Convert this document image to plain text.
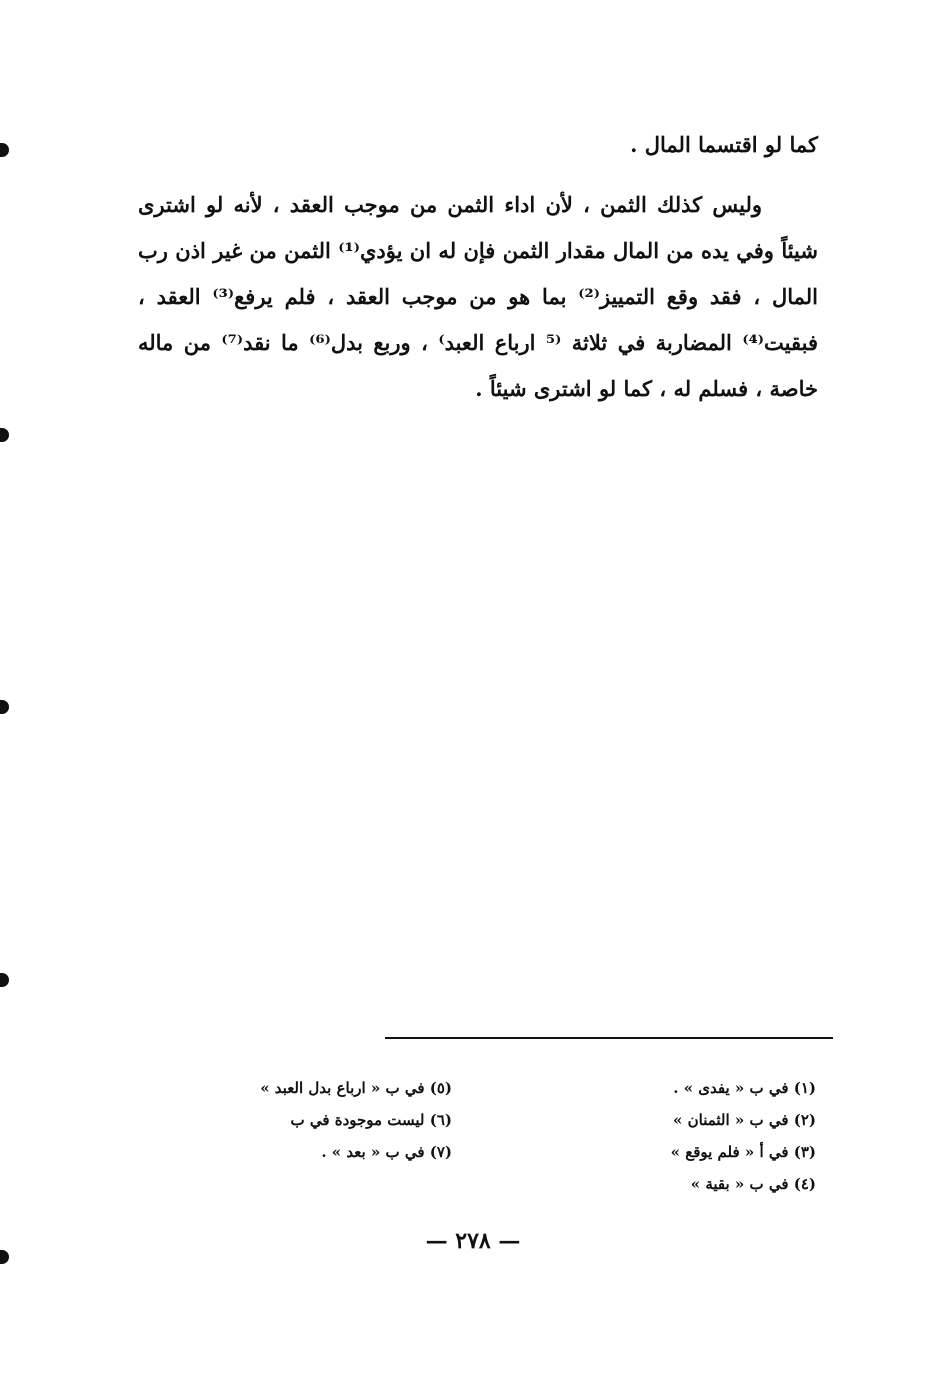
كما لو اقتسما المال .
وليس كذلك الثمن ، لأن اداء الثمن من موجب العقد ، لأنه لو اشترى شيئاً وفي يده من المال مقدار الثمن فإن له ان يؤدي⁽¹⁾ الثمن من غير اذن رب المال ، فقد وقع التمييز⁽²⁾ بما هو من موجب العقد ، فلم يرفع⁽³⁾ العقد ، فبقيت⁽⁴⁾ المضاربة في ثلاثة ⁽⁵ ارباع العبد⁾ ، وربع بدل⁽⁶⁾ ما نقد⁽⁷⁾ من ماله خاصة ، فسلم له ، كما لو اشترى شيئاً .
(١) في ب « يفدى » .
(٢) في ب « الثمنان »
(٣) في أ « فلم يوقع »
(٤) في ب « بقية »
(٥) في ب « ارباع بدل العبد »
(٦) ليست موجودة في ب
(٧) في ب « بعد » .
— ٢٧٨ —
